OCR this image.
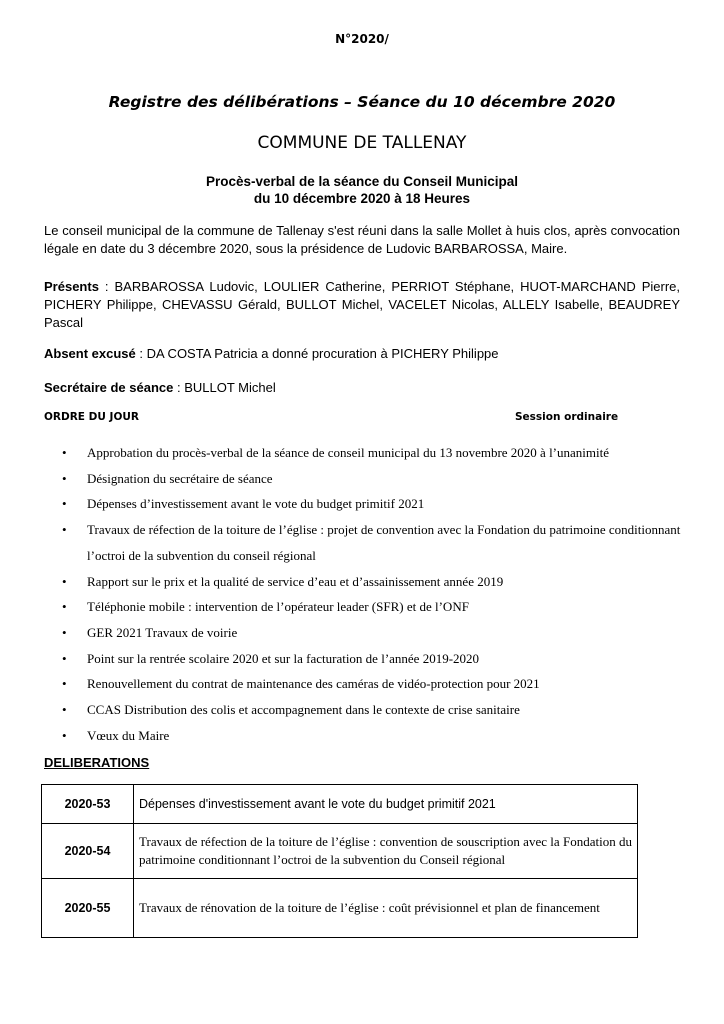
N°2020/
Registre des délibérations – Séance du 10 décembre 2020
COMMUNE DE TALLENAY
Procès-verbal de la séance du Conseil Municipal
du 10 décembre 2020 à 18 Heures
Le conseil municipal de la commune de Tallenay s'est réuni dans la salle Mollet à huis clos, après convocation légale en date du 3 décembre 2020, sous la présidence de Ludovic BARBAROSSA, Maire.
Présents : BARBAROSSA Ludovic, LOULIER Catherine, PERRIOT Stéphane, HUOT-MARCHAND Pierre, PICHERY Philippe, CHEVASSU Gérald, BULLOT Michel, VACELET Nicolas, ALLELY Isabelle, BEAUDREY Pascal
Absent excusé : DA COSTA Patricia a donné procuration à PICHERY Philippe
Secrétaire de séance : BULLOT Michel
ORDRE DU JOUR	Session ordinaire
• Approbation du procès-verbal de la séance de conseil municipal du 13 novembre 2020 à l’unanimité
• Désignation du secrétaire de séance
• Dépenses d’investissement avant le vote du budget primitif 2021
• Travaux de réfection de la toiture de l’église : projet de convention avec la Fondation du patrimoine conditionnant l’octroi de la subvention du conseil régional
• Rapport sur le prix et la qualité de service d’eau et d’assainissement année 2019
• Téléphonie mobile : intervention de l’opérateur leader (SFR) et de l’ONF
• GER 2021 Travaux de voirie
• Point sur la rentrée scolaire 2020 et sur la facturation de l’année 2019-2020
• Renouvellement du contrat de maintenance des caméras de vidéo-protection pour 2021
• CCAS Distribution des colis et accompagnement dans le contexte de crise sanitaire
• Vœux du Maire
DELIBERATIONS
2020-53	Dépenses d'investissement avant le vote du budget primitif 2021
2020-54	Travaux de réfection de la toiture de l’église : convention de souscription avec la Fondation du patrimoine conditionnant l’octroi de la subvention du Conseil régional
2020-55	Travaux de rénovation de la toiture de l’église : coût prévisionnel et plan de financement
